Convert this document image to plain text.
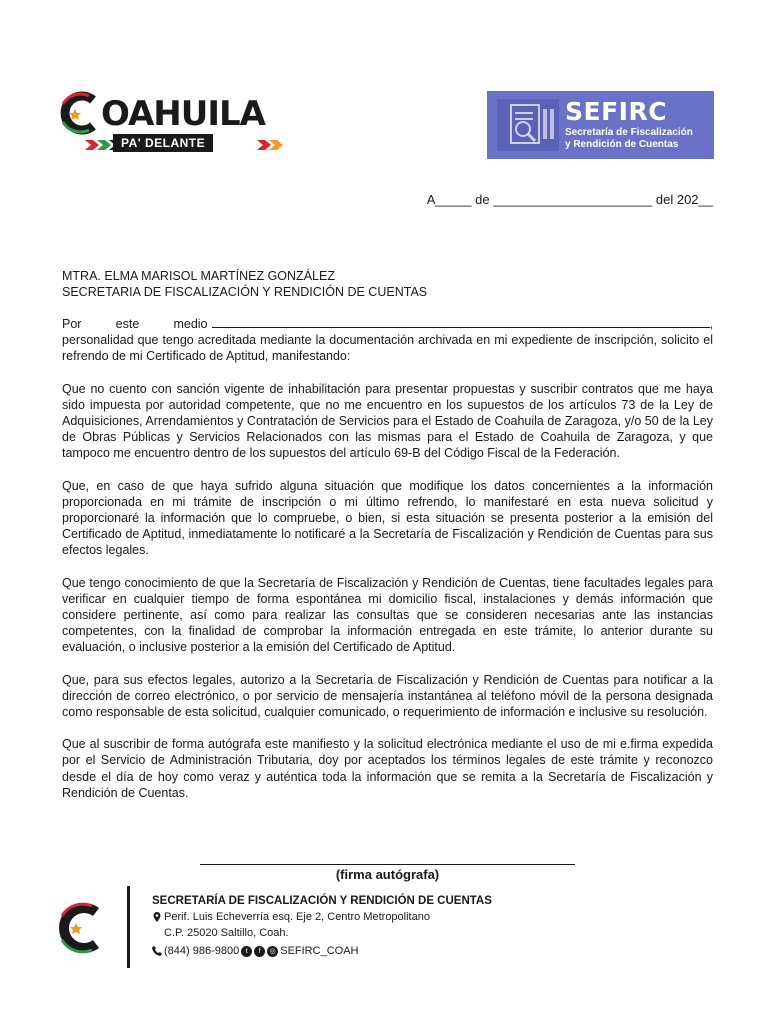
OAHUILA
PA' DELANTE
SEFIRC
Secretaría de Fiscalización
y Rendición de Cuentas
A_____ de ______________________ del 202__
MTRA. ELMA MARISOL MARTÍNEZ GONZÁLEZ
SECRETARIA DE FISCALIZACIÓN Y RENDICIÓN DE CUENTAS

Por este medio	, personalidad que tengo acreditada mediante la documentación archivada en mi expediente de inscripción, solicito el refrendo de mi Certificado de Aptitud, manifestando:

Que no cuento con sanción vigente de inhabilitación para presentar propuestas y suscribir contratos que me haya sido impuesta por autoridad competente, que no me encuentro en los supuestos de los artículos 73 de la Ley de Adquisiciones, Arrendamientos y Contratación de Servicios para el Estado de Coahuila de Zaragoza, y/o 50 de la Ley de Obras Públicas y Servicios Relacionados con las mismas para el Estado de Coahuila de Zaragoza, y que tampoco me encuentro dentro de los supuestos del artículo 69-B del Código Fiscal de la Federación.

Que, en caso de que haya sufrido alguna situación que modifique los datos concernientes a la información proporcionada en mi trámite de inscripción o mi último refrendo, lo manifestaré en esta nueva solicitud y proporcionaré la información que lo compruebe, o bien, si esta situación se presenta posterior a la emisión del Certificado de Aptitud, inmediatamente lo notificaré a la Secretaría de Fiscalización y Rendición de Cuentas para sus efectos legales.

Que tengo conocimiento de que la Secretaría de Fiscalización y Rendición de Cuentas, tiene facultades legales para verificar en cualquier tiempo de forma espontánea mi domicilio fiscal, instalaciones y demás información que considere pertinente, así como para realizar las consultas que se consideren necesarias ante las instancias competentes, con la finalidad de comprobar la información entregada en este trámite, lo anterior durante su evaluación, o inclusive posterior a la emisión del Certificado de Aptitud.

Que, para sus efectos legales, autorizo a la Secretaría de Fiscalización y Rendición de Cuentas para notificar a la dirección de correo electrónico, o por servicio de mensajería instantánea al teléfono móvil de la persona designada como responsable de esta solicitud, cualquier comunicado, o requerimiento de información e inclusive su resolución.

Que al suscribir de forma autógrafa este manifiesto y la solicitud electrónica mediante el uso de mi e.firma expedida por el Servicio de Administración Tributaria, doy por aceptados los términos legales de este trámite y reconozco desde el día de hoy como veraz y auténtica toda la información que se remita a la Secretaría de Fiscalización y Rendición de Cuentas.

(firma autógrafa)
SECRETARÍA DE FISCALIZACIÓN Y RENDICIÓN DE CUENTAS
Perif. Luis Echeverría esq. Eje 2, Centro Metropolitano
C.P. 25020 Saltillo, Coah.
(844) 986-9800 t	f	◎ SEFIRC_COAH
